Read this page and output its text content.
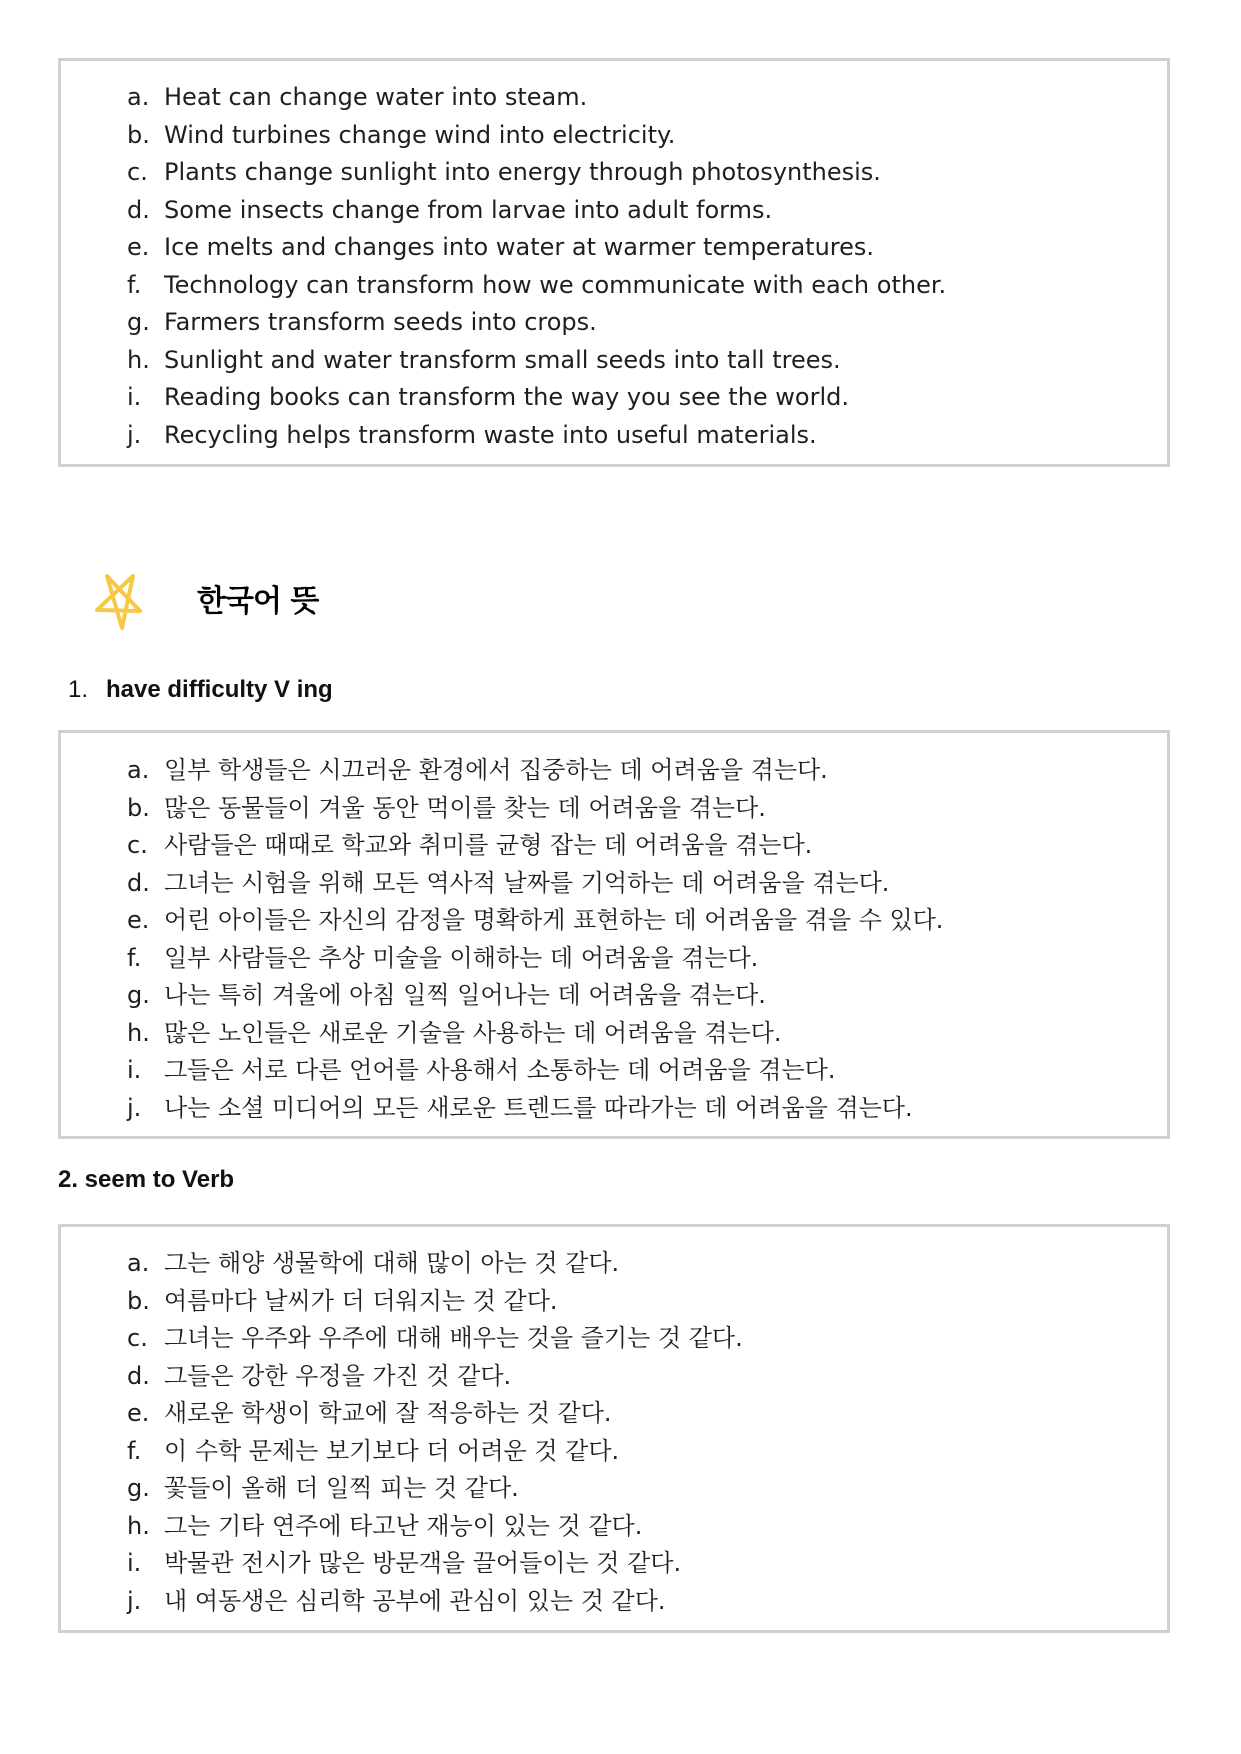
a. Heat can change water into steam.
b. Wind turbines change wind into electricity.
c. Plants change sunlight into energy through photosynthesis.
d. Some insects change from larvae into adult forms.
e. Ice melts and changes into water at warmer temperatures.
f. Technology can transform how we communicate with each other.
g. Farmers transform seeds into crops.
h. Sunlight and water transform small seeds into tall trees.
i. Reading books can transform the way you see the world.
j. Recycling helps transform waste into useful materials.
한국어 뜻
1. have difficulty V ing
a. 일부 학생들은 시끄러운 환경에서 집중하는 데 어려움을 겪는다.
b. 많은 동물들이 겨울 동안 먹이를 찾는 데 어려움을 겪는다.
c. 사람들은 때때로 학교와 취미를 균형 잡는 데 어려움을 겪는다.
d. 그녀는 시험을 위해 모든 역사적 날짜를 기억하는 데 어려움을 겪는다.
e. 어린 아이들은 자신의 감정을 명확하게 표현하는 데 어려움을 겪을 수 있다.
f. 일부 사람들은 추상 미술을 이해하는 데 어려움을 겪는다.
g. 나는 특히 겨울에 아침 일찍 일어나는 데 어려움을 겪는다.
h. 많은 노인들은 새로운 기술을 사용하는 데 어려움을 겪는다.
i. 그들은 서로 다른 언어를 사용해서 소통하는 데 어려움을 겪는다.
j. 나는 소셜 미디어의 모든 새로운 트렌드를 따라가는 데 어려움을 겪는다.
2. seem to Verb
a. 그는 해양 생물학에 대해 많이 아는 것 같다.
b. 여름마다 날씨가 더 더워지는 것 같다.
c. 그녀는 우주와 우주에 대해 배우는 것을 즐기는 것 같다.
d. 그들은 강한 우정을 가진 것 같다.
e. 새로운 학생이 학교에 잘 적응하는 것 같다.
f. 이 수학 문제는 보기보다 더 어려운 것 같다.
g. 꽃들이 올해 더 일찍 피는 것 같다.
h. 그는 기타 연주에 타고난 재능이 있는 것 같다.
i. 박물관 전시가 많은 방문객을 끌어들이는 것 같다.
j. 내 여동생은 심리학 공부에 관심이 있는 것 같다.
